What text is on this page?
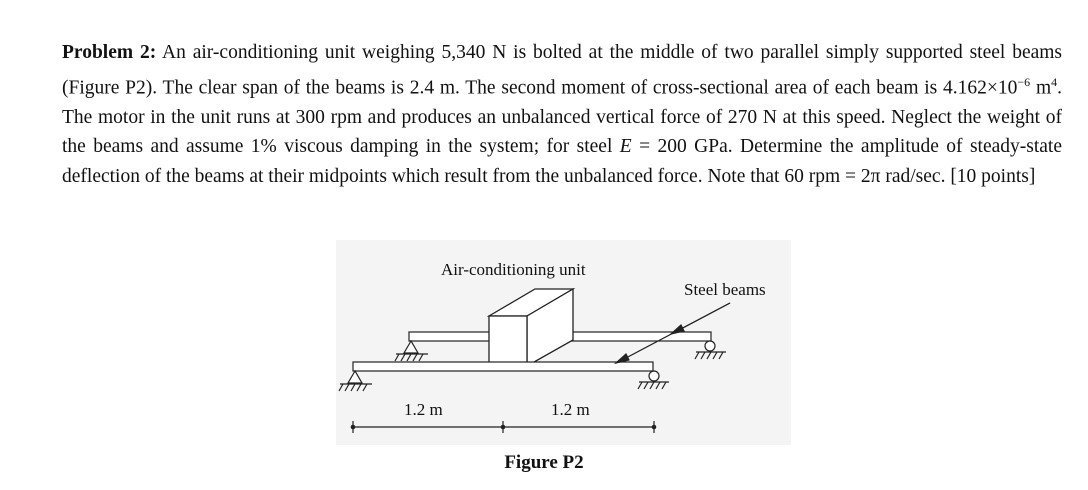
Problem 2: An air-conditioning unit weighing 5,340 N is bolted at the middle of two parallel simply supported steel beams (Figure P2). The clear span of the beams is 2.4 m. The second moment of cross-sectional area of each beam is $4.162\times 10^{-6}$ $m^4$. The motor in the unit runs at 300 rpm and produces an unbalanced vertical force of 270 N at this speed. Neglect the weight of the beams and assume 1% viscous damping in the system; for steel E = 200 GPa. Determine the amplitude of steady-state deflection of the beams at their midpoints which result from the unbalanced force. Note that 60 rpm = 2π rad/sec. [10 points]
Air-conditioning unit
Steel beams
1.2 m	1.2 m
Figure P2
